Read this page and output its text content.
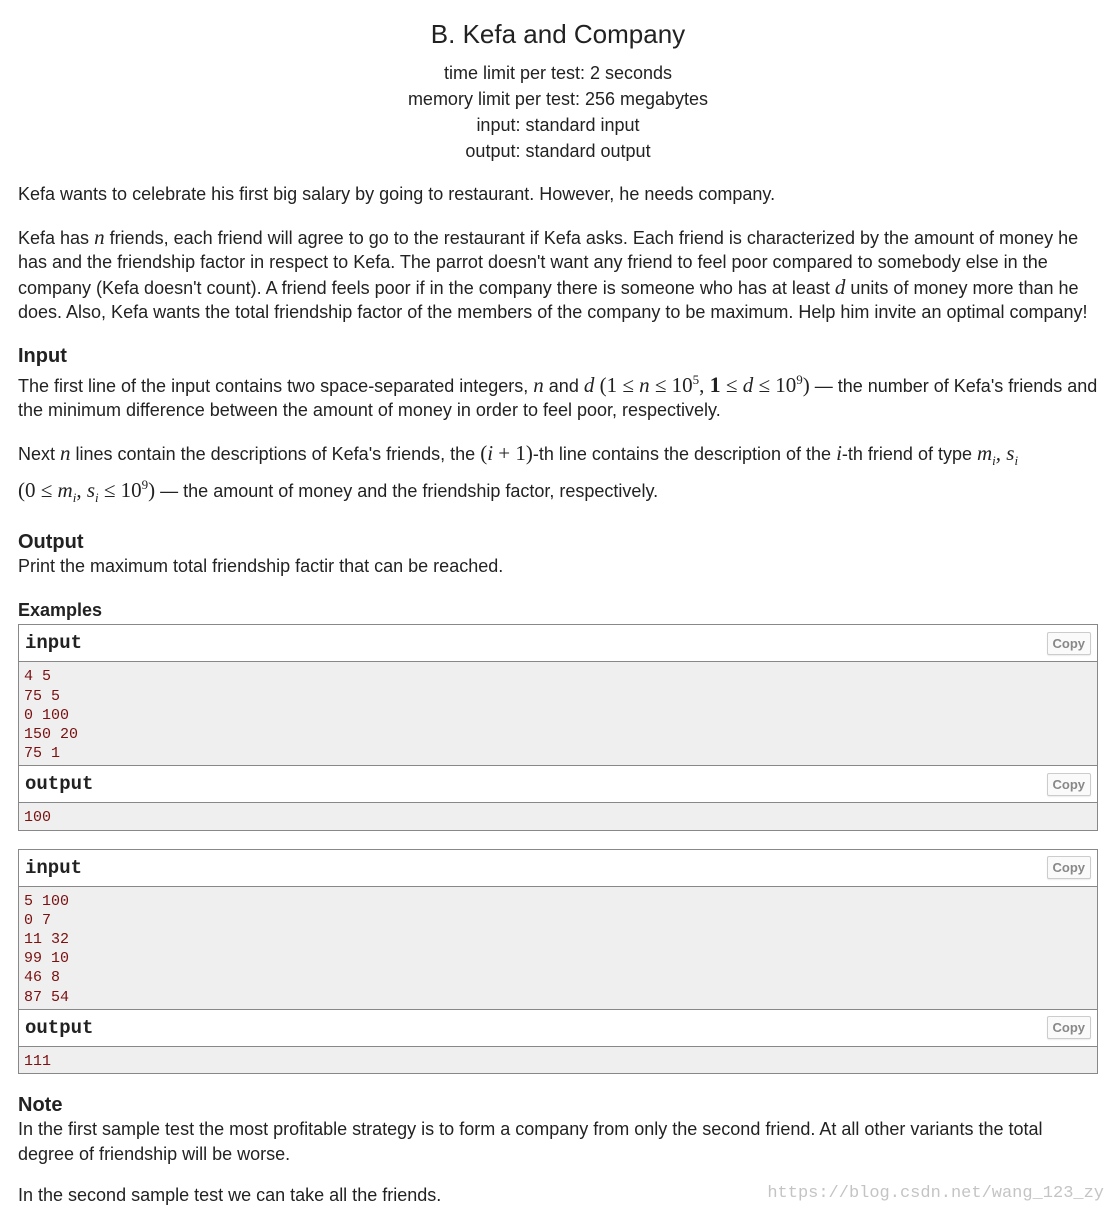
B. Kefa and Company
time limit per test: 2 seconds
memory limit per test: 256 megabytes
input: standard input
output: standard output

Kefa wants to celebrate his first big salary by going to restaurant. However, he needs company.

Kefa has n friends, each friend will agree to go to the restaurant if Kefa asks. Each friend is characterized by the amount of money he has and the friendship factor in respect to Kefa. The parrot doesn't want any friend to feel poor compared to somebody else in the company (Kefa doesn't count). A friend feels poor if in the company there is someone who has at least d units of money more than he does. Also, Kefa wants the total friendship factor of the members of the company to be maximum. Help him invite an optimal company!

Input

The first line of the input contains two space-separated integers, n and d ($1 \le n \le 10^5$, $1 \le d \le 10^9$) — the number of Kefa's friends and the minimum difference between the amount of money in order to feel poor, respectively.

Next n lines contain the descriptions of Kefa's friends, the (i + 1)-th line contains the description of the i-th friend of type $m_i$, $s_i$
($0 \le m_i$, $s_i \le 10^9$) — the amount of money and the friendship factor, respectively.

Output

Print the maximum total friendship factir that can be reached.

Examples
input	Copy
4 5
75 5
0 100
150 20
75 1
output	Copy
100
input	Copy
5 100
0 7
11 32
99 10
46 8
87 54
output	Copy
111
Note

In the first sample test the most profitable strategy is to form a company from only the second friend. At all other variants the total degree of friendship will be worse.

In the second sample test we can take all the friends.	https://blog.csdn.net/wang_123_zy
